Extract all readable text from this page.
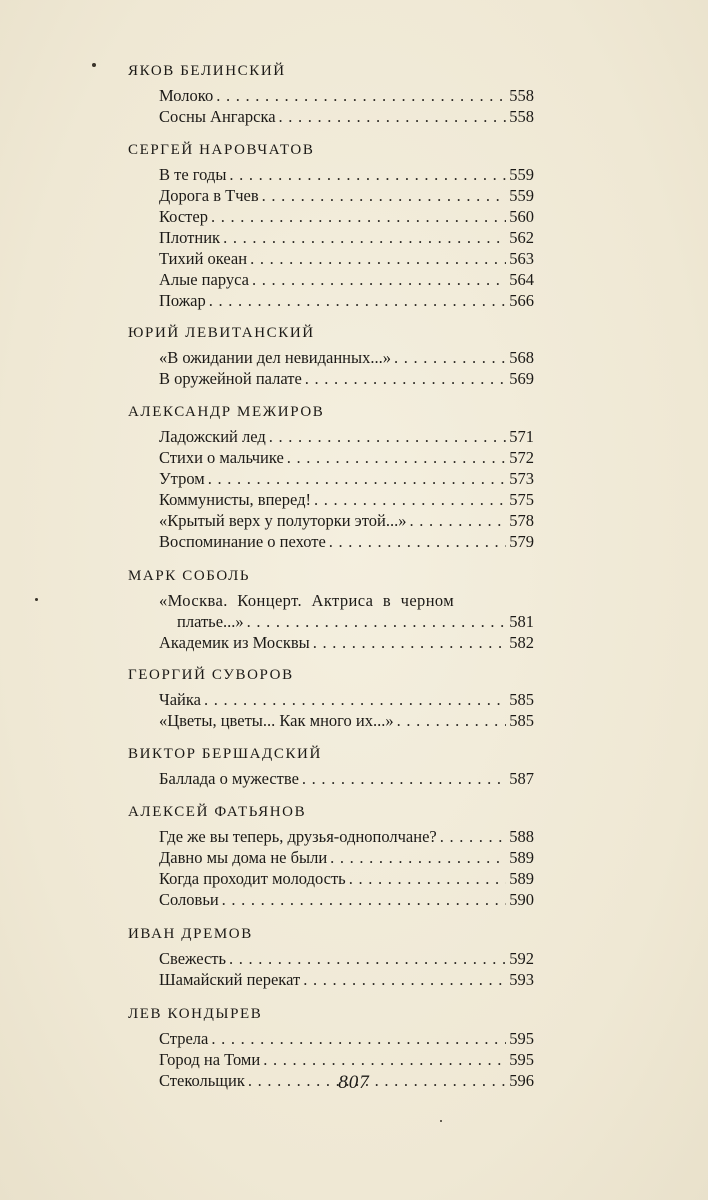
ЯКОВ БЕЛИНСКИЙ
Молоко . . .	558
Сосны Ангарска . . .	558
СЕРГЕЙ НАРОВЧАТОВ
В те годы . . .	559
Дорога в Тчев . . .	559
Костер . . .	560
Плотник . . .	562
Тихий океан . . .	563
Алые паруса . . .	564
Пожар . . .	566
ЮРИЙ ЛЕВИТАНСКИЙ
«В ожидании дел невиданных...» . . .	568
В оружейной палате . . .	569
АЛЕКСАНДР МЕЖИРОВ
Ладожский лед . . .	571
Стихи о мальчике . . .	572
Утром . . .	573
Коммунисты, вперед! . . .	575
«Крытый верх у полуторки этой...» . . .	578
Воспоминание о пехоте . . .	579
МАРК СОБОЛЬ
«Москва. Концерт. Актриса в черном
платье...» . . .	581
Академик из Москвы . . .	582
ГЕОРГИЙ СУВОРОВ
Чайка . . .	585
«Цветы, цветы... Как много их...» . . .	585
ВИКТОР БЕРШАДСКИЙ
Баллада о мужестве . . .	587
АЛЕКСЕЙ ФАТЬЯНОВ
Где же вы теперь, друзья-однополчане? . . .	588
Давно мы дома не были . . .	589
Когда проходит молодость . . .	589
Соловьи . . .	590
ИВАН ДРЕМОВ
Свежесть . . .	592
Шамайский перекат . . .	593
ЛЕВ КОНДЫРЕВ
Стрела . . .	595
Город на Томи . . .	595
Стекольщик . . .	596
807
